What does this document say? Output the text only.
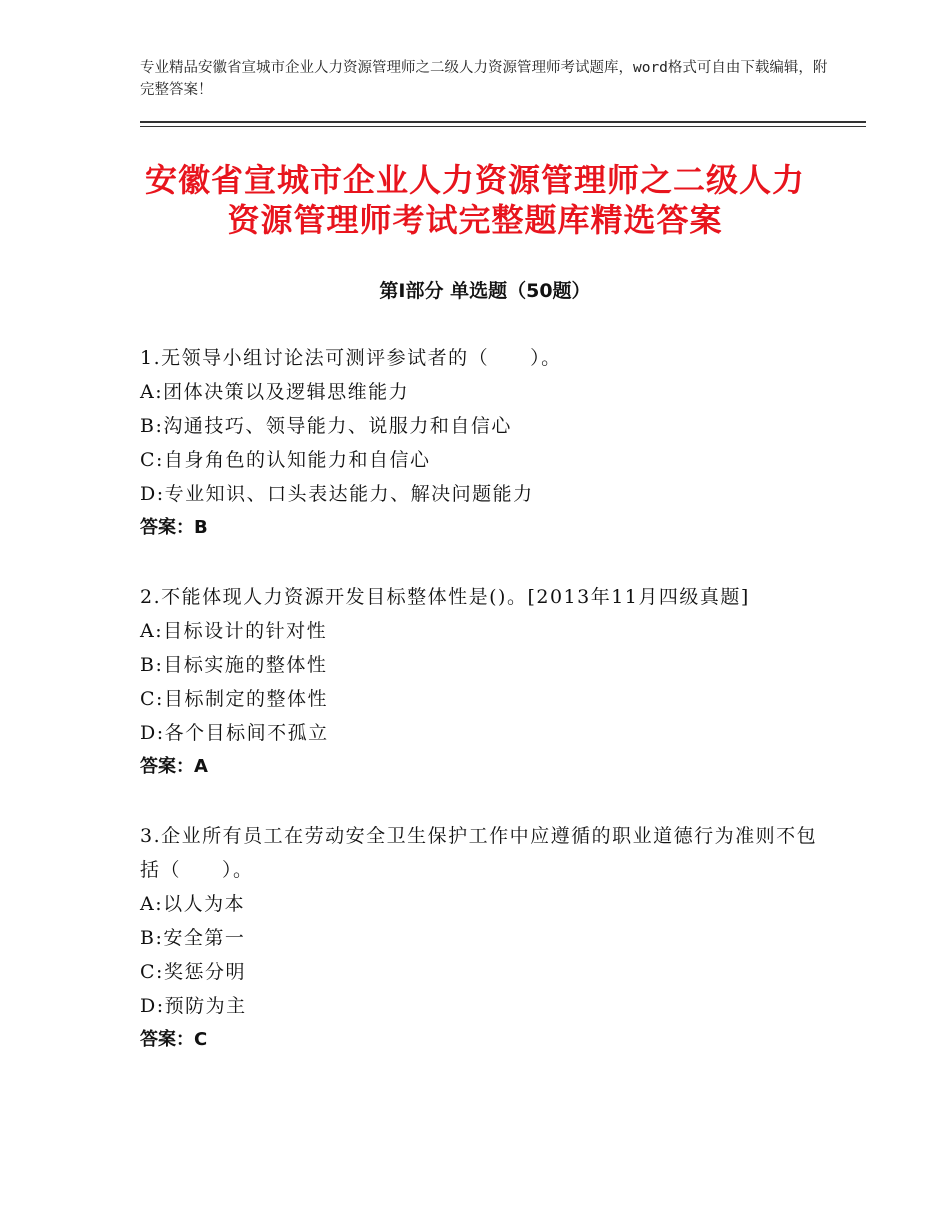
专业精品安徽省宣城市企业人力资源管理师之二级人力资源管理师考试题库，word格式可自由下载编辑，附完整答案！
安徽省宣城市企业人力资源管理师之二级人力资源管理师考试完整题库精选答案
第Ⅰ部分 单选题（50题）

1.无领导小组讨论法可测评参试者的（　　）。

A:团体决策以及逻辑思维能力

B:沟通技巧、领导能力、说服力和自信心

C:自身角色的认知能力和自信心

D:专业知识、口头表达能力、解决问题能力

答案：B

2.不能体现人力资源开发目标整体性是()。[2013年11月四级真题]

A:目标设计的针对性

B:目标实施的整体性

C:目标制定的整体性

D:各个目标间不孤立

答案：A

3.企业所有员工在劳动安全卫生保护工作中应遵循的职业道德行为准则不包括（　　）。

A:以人为本

B:安全第一

C:奖惩分明

D:预防为主

答案：C
